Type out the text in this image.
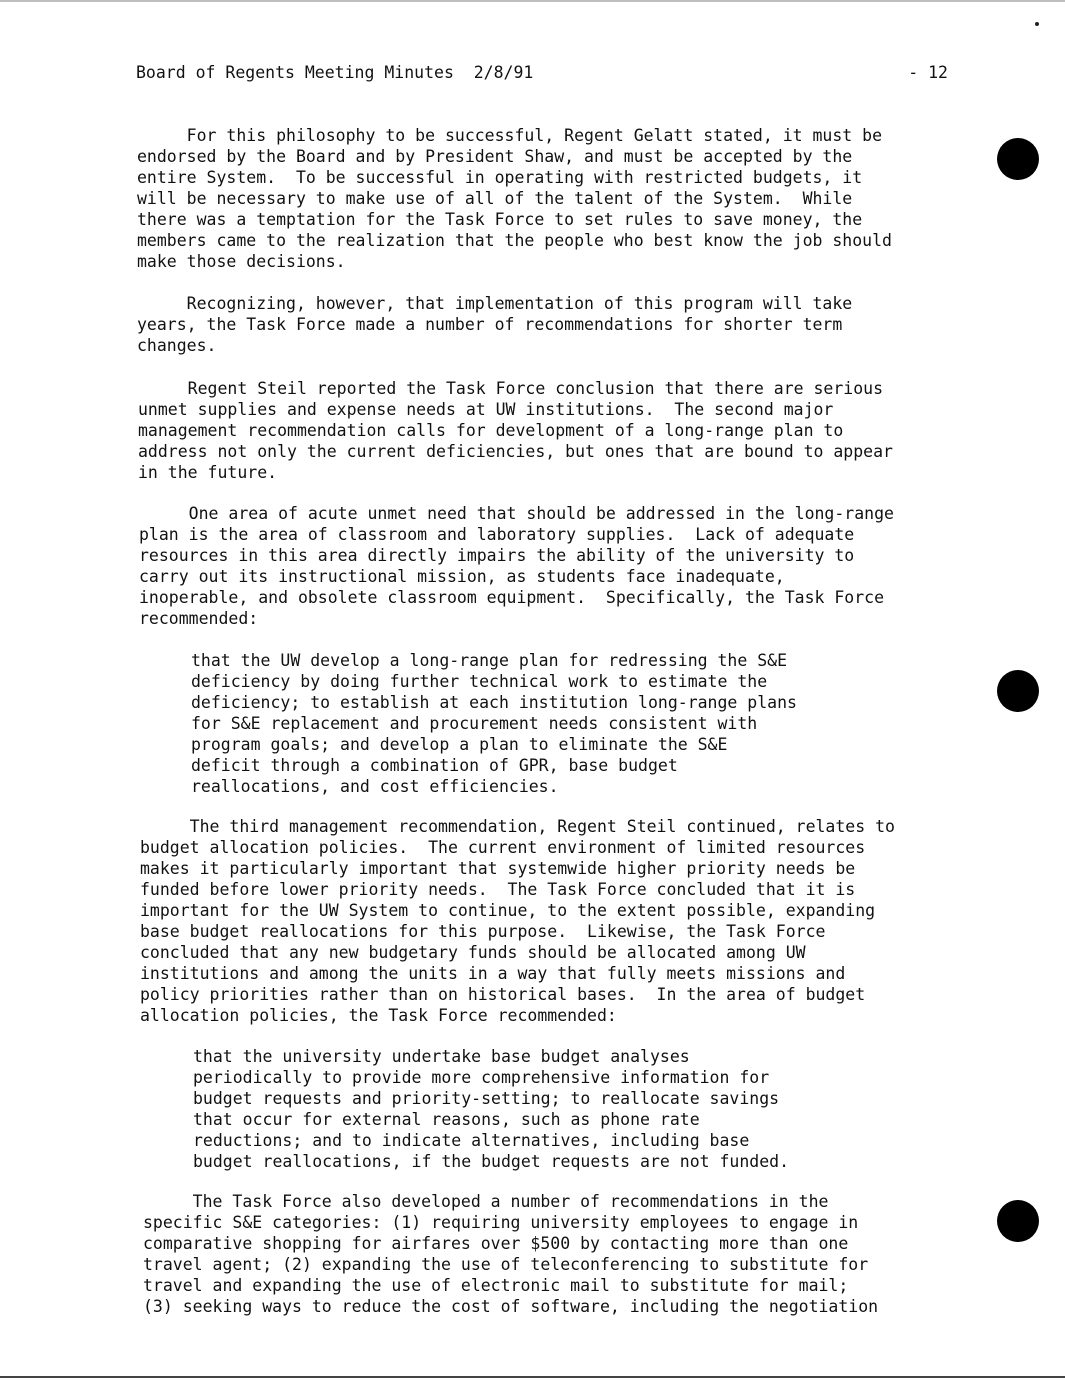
Board of Regents Meeting Minutes  2/8/91

	- 12

For this philosophy to be successful, Regent Gelatt stated, it must be
endorsed by the Board and by President Shaw, and must be accepted by the
entire System.  To be successful in operating with restricted budgets, it
will be necessary to make use of all of the talent of the System.  While
there was a temptation for the Task Force to set rules to save money, the
members came to the realization that the people who best know the job should
make those decisions.

Recognizing, however, that implementation of this program will take
years, the Task Force made a number of recommendations for shorter term
changes.

Regent Steil reported the Task Force conclusion that there are serious
unmet supplies and expense needs at UW institutions.  The second major
management recommendation calls for development of a long-range plan to
address not only the current deficiencies, but ones that are bound to appear
in the future.

One area of acute unmet need that should be addressed in the long-range
plan is the area of classroom and laboratory supplies.  Lack of adequate
resources in this area directly impairs the ability of the university to
carry out its instructional mission, as students face inadequate,
inoperable, and obsolete classroom equipment.  Specifically, the Task Force
recommended:

that the UW develop a long-range plan for redressing the S&E
deficiency by doing further technical work to estimate the
deficiency; to establish at each institution long-range plans
for S&E replacement and procurement needs consistent with
program goals; and develop a plan to eliminate the S&E
deficit through a combination of GPR, base budget
reallocations, and cost efficiencies.

The third management recommendation, Regent Steil continued, relates to
budget allocation policies.  The current environment of limited resources
makes it particularly important that systemwide higher priority needs be
funded before lower priority needs.  The Task Force concluded that it is
important for the UW System to continue, to the extent possible, expanding
base budget reallocations for this purpose.  Likewise, the Task Force
concluded that any new budgetary funds should be allocated among UW
institutions and among the units in a way that fully meets missions and
policy priorities rather than on historical bases.  In the area of budget
allocation policies, the Task Force recommended:

that the university undertake base budget analyses
periodically to provide more comprehensive information for
budget requests and priority-setting; to reallocate savings
that occur for external reasons, such as phone rate
reductions; and to indicate alternatives, including base
budget reallocations, if the budget requests are not funded.

The Task Force also developed a number of recommendations in the
specific S&E categories: (1) requiring university employees to engage in
comparative shopping for airfares over $500 by contacting more than one
travel agent; (2) expanding the use of teleconferencing to substitute for
travel and expanding the use of electronic mail to substitute for mail;
(3) seeking ways to reduce the cost of software, including the negotiation
